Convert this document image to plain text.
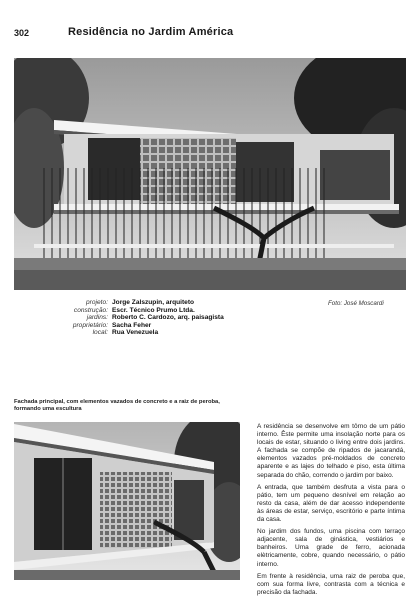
302	Residência no Jardim América
projeto: Jorge Zalszupin, arquiteto
construção: Escr. Técnico Prumo Ltda.
jardins: Roberto C. Cardozo, arq. paisagista
proprietário: Sacha Feher
local: Rua Venezuela
Foto: José Moscardi
Fachada principal, com elementos vazados de concreto e a raiz de peroba, formando uma escultura

A residência se desenvolve em tôrno de um pátio interno. Êste permite uma insolação norte para os locais de estar, situando o living entre dois jardins. A fachada se compõe de ripados de jacarandá, elementos vazados pré-moldados de concreto aparente e as lajes do telhado e piso, esta última separada do chão, correndo o jardim por baixo.

A entrada, que também desfruta a vista para o pátio, tem um pequeno desnível em relação ao resto da casa, além de dar acesso independente às áreas de estar, serviço, escritório e parte íntima da casa.

No jardim dos fundos, uma piscina com terraço adjacente, sala de ginástica, vestiários e banheiros. Uma grade de ferro, acionada elètricamente, cobre, quando necessário, o pátio interno.

Em frente à residência, uma raiz de peroba que, com sua forma livre, contrasta com a técnica e precisão da fachada.
